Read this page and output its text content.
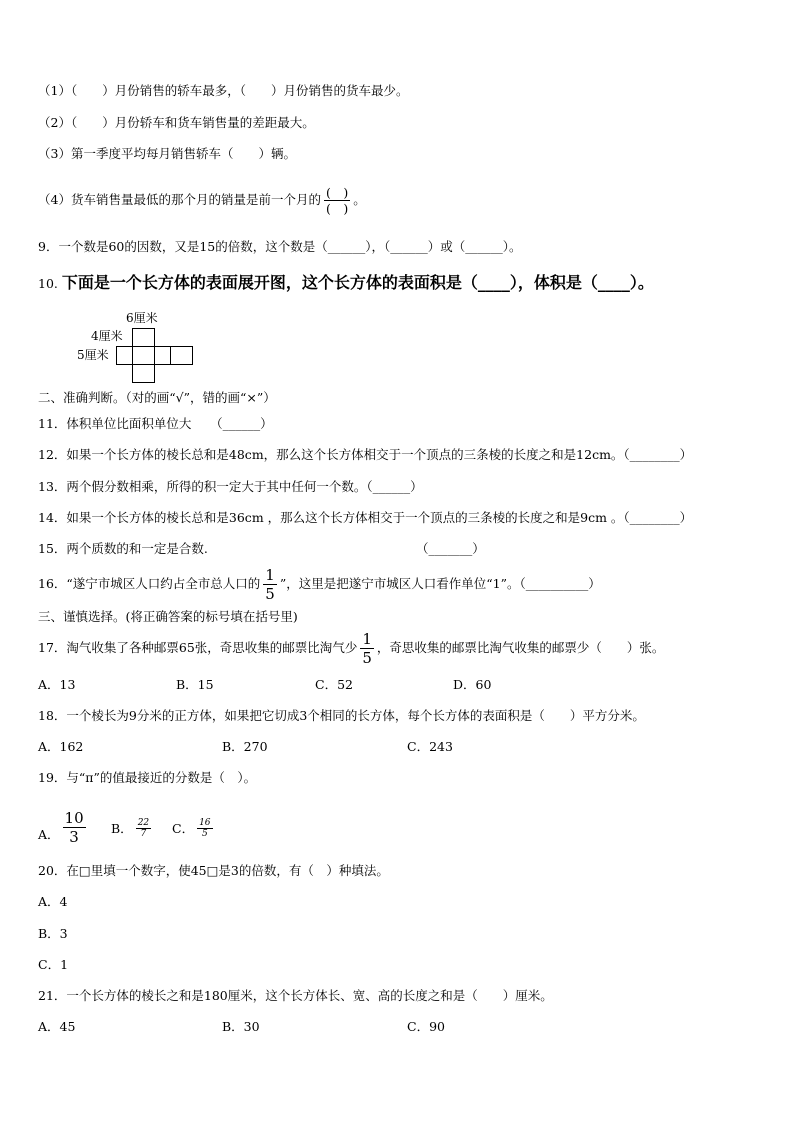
（1）（　　）月份销售的轿车最多，（　　）月份销售的货车最少。
（2）（　　）月份轿车和货车销售量的差距最大。
（3）第一季度平均每月销售轿车（　　）辆。
（4）货车销售量最低的那个月的销量是前一个月的 $\frac{( )}{( )}$ 。
9．一个数是60的因数，又是15的倍数，这个数是（______），（______）或（______）。
10. 下面是一个长方体的表面展开图，这个长方体的表面积是（____），体积是（____）。
6厘米
4厘米
5厘米
二、准确判断。（对的画“√”，错的画“×”）
11．体积单位比面积单位大　　（______）
12．如果一个长方体的棱长总和是48cm，那么这个长方体相交于一个顶点的三条棱的长度之和是12cm。（________）
13．两个假分数相乘，所得的积一定大于其中任何一个数。（______）
14．如果一个长方体的棱长总和是36cm ，那么这个长方体相交于一个顶点的三条棱的长度之和是9cm 。（________）
15．两个质数的和一定是合数.	（_______）
16．“遂宁市城区人口约占全市总人口的 $\frac{1}{5}$ ”，这里是把遂宁市城区人口看作单位“1”。（__________）
三、谨慎选择。(将正确答案的标号填在括号里)
17．淘气收集了各种邮票65张，奇思收集的邮票比淘气少 $\frac{1}{5}$ ，奇思收集的邮票比淘气收集的邮票少（　　）张。
A．13	B．15	C．52	D．60
18．一个棱长为9分米的正方体，如果把它切成3个相同的长方体，每个长方体的表面积是（　　）平方分米。
A．162	B．270	C．243
19．与“π”的值最接近的分数是（　）。
A． $\frac{10}{3}$ B． $\frac{22}{7}$ C． $\frac{16}{5}$
20．在□里填一个数字，使45□是3的倍数，有（　）种填法。
A．4
B．3
C．1
21．一个长方体的棱长之和是180厘米，这个长方体长、宽、高的长度之和是（　　）厘米。
A．45	B．30	C．90
